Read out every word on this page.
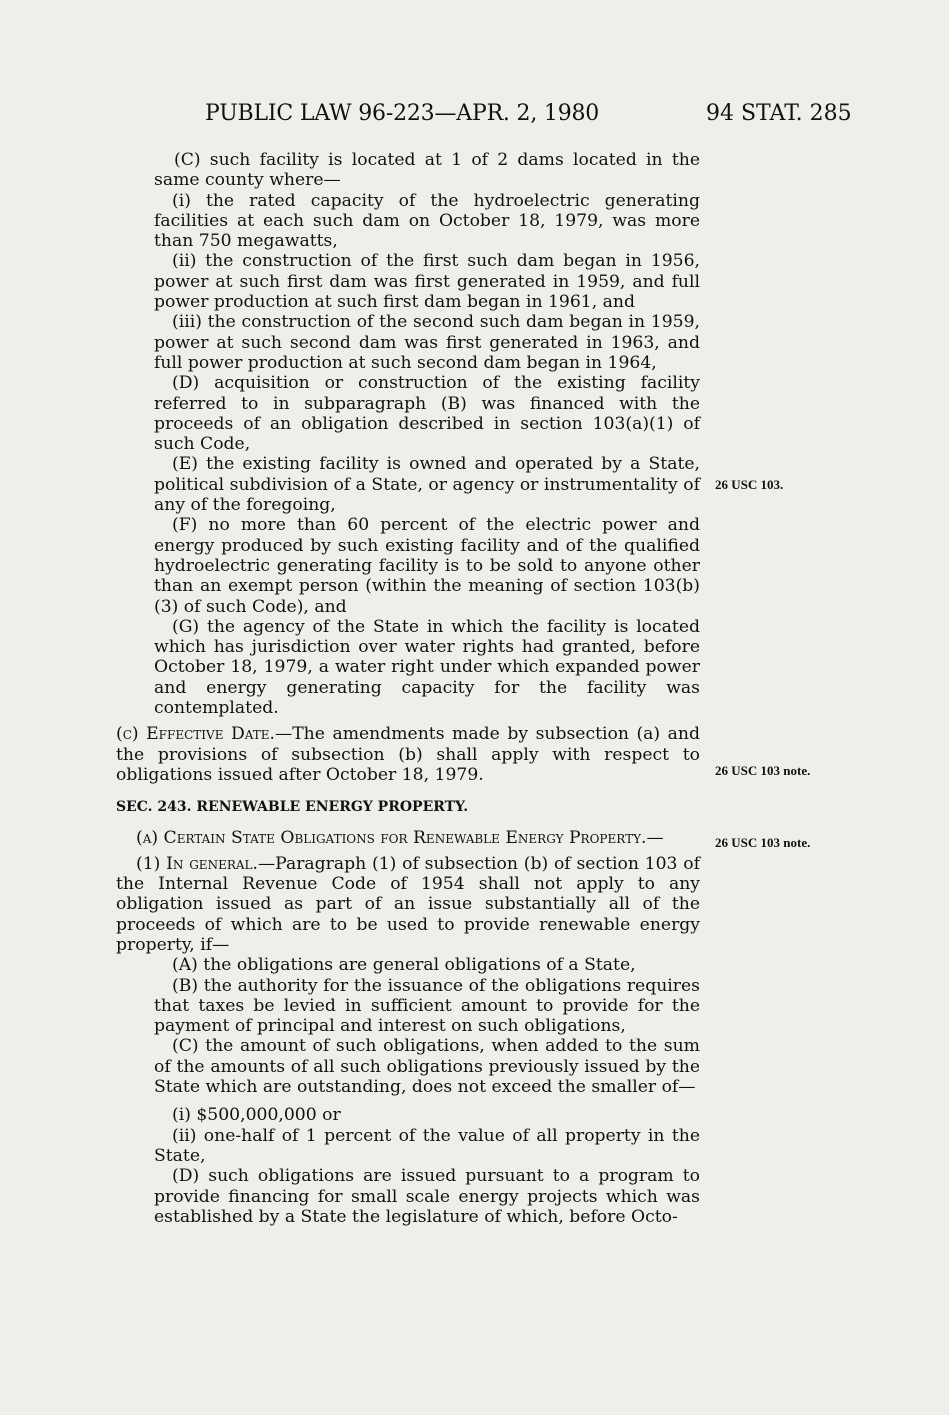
PUBLIC LAW 96-223—APR. 2, 1980	94 STAT. 285

(C) such facility is located at 1 of 2 dams located in the same county where—

(i) the rated capacity of the hydroelectric generating facilities at each such dam on October 18, 1979, was more than 750 megawatts,

(ii) the construction of the first such dam began in 1956, power at such first dam was first generated in 1959, and full power production at such first dam began in 1961, and

(iii) the construction of the second such dam began in 1959, power at such second dam was first generated in 1963, and full power production at such second dam began in 1964,

(D) acquisition or construction of the existing facility referred to in subparagraph (B) was financed with the proceeds of an obligation described in section 103(a)(1) of such Code,

(E) the existing facility is owned and operated by a State, political subdivision of a State, or agency or instrumentality of any of the foregoing,

(F) no more than 60 percent of the electric power and energy produced by such existing facility and of the qualified hydroelectric generating facility is to be sold to anyone other than an exempt person (within the meaning of section 103(b)(3) of such Code), and

(G) the agency of the State in which the facility is located which has jurisdiction over water rights had granted, before October 18, 1979, a water right under which expanded power and energy generating capacity for the facility was contemplated.

(c) Effective Date.—The amendments made by subsection (a) and the provisions of subsection (b) shall apply with respect to obligations issued after October 18, 1979.

SEC. 243. RENEWABLE ENERGY PROPERTY.

(a) Certain State Obligations for Renewable Energy Property.—

(1) In general.—Paragraph (1) of subsection (b) of section 103 of the Internal Revenue Code of 1954 shall not apply to any obligation issued as part of an issue substantially all of the proceeds of which are to be used to provide renewable energy property, if—

(A) the obligations are general obligations of a State,

(B) the authority for the issuance of the obligations requires that taxes be levied in sufficient amount to provide for the payment of principal and interest on such obligations,

(C) the amount of such obligations, when added to the sum of the amounts of all such obligations previously issued by the State which are outstanding, does not exceed the smaller of—

(i) $500,000,000 or

(ii) one-half of 1 percent of the value of all property in the State,

(D) such obligations are issued pursuant to a program to provide financing for small scale energy projects which was established by a State the legislature of which, before Octo-

26 USC 103.
26 USC 103 note.
26 USC 103 note.
